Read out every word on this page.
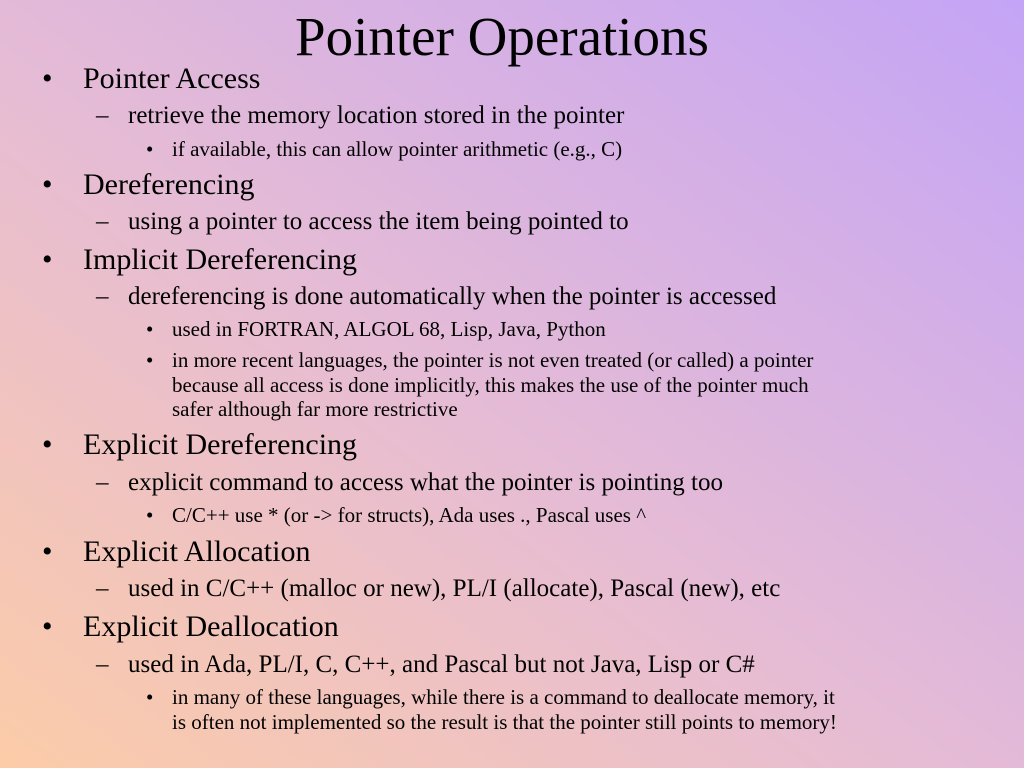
Pointer Operations
• Pointer Access
– retrieve the memory location stored in the pointer
• if available, this can allow pointer arithmetic (e.g., C)
• Dereferencing
– using a pointer to access the item being pointed to
• Implicit Dereferencing
– dereferencing is done automatically when the pointer is accessed
• used in FORTRAN, ALGOL 68, Lisp, Java, Python
• in more recent languages, the pointer is not even treated (or called) a pointer
because all access is done implicitly, this makes the use of the pointer much
safer although far more restrictive
• Explicit Dereferencing
– explicit command to access what the pointer is pointing too
• C/C++ use * (or -> for structs), Ada uses ., Pascal uses ^
• Explicit Allocation
– used in C/C++ (malloc or new), PL/I (allocate), Pascal (new), etc
• Explicit Deallocation
– used in Ada, PL/I, C, C++, and Pascal but not Java, Lisp or C#
• in many of these languages, while there is a command to deallocate memory, it
is often not implemented so the result is that the pointer still points to memory!
